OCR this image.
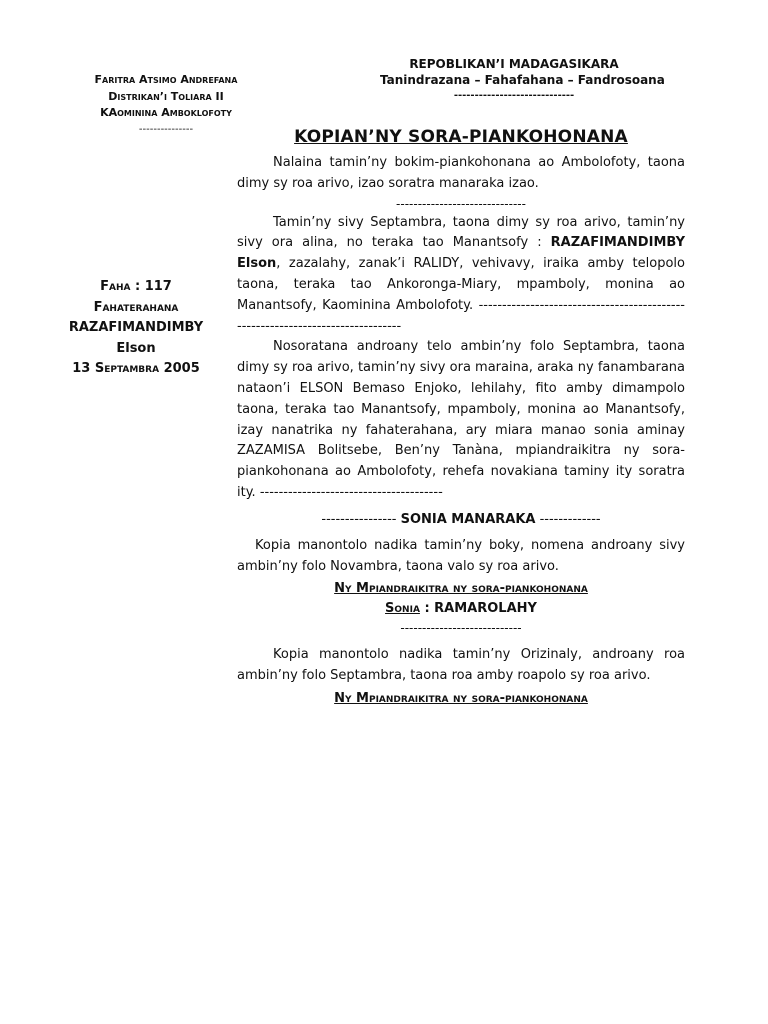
Faritra Atsimo Andrefana
Distrikan’i Toliara II
KAominina Amboklofoty
---------------
REPOBLIKAN’I MADAGASIKARA
Tanindrazana – Fahafahana – Fandrosoana
-----------------------------
KOPIAN’NY SORA-PIANKOHONANA
Faha : 117
Fahaterahana
RAZAFIMANDIMBY
Elson
13 Septambra 2005

Nalaina tamin’ny bokim-piankohonana ao Ambolofoty, taona dimy sy roa arivo, izao soratra manaraka izao.

------------------------------

Tamin’ny sivy Septambra, taona dimy sy roa arivo, tamin’ny sivy ora alina, no teraka tao Manantsofy : RAZAFIMANDIMBY Elson, zazalahy, zanak’i RALIDY, vehivavy, iraika amby telopolo taona, teraka tao Ankoronga-Miary, mpamboly, monina ao Manantsofy, Kaominina Ambolofoty. -------------------------------------------------------------------------------

Nosoratana androany telo ambin’ny folo Septambra, taona dimy sy roa arivo, tamin’ny sivy ora maraina, araka ny fanambarana nataon’i ELSON Bemaso Enjoko, lehilahy, fito amby dimampolo taona, teraka tao Manantsofy, mpamboly, monina ao Manantsofy, izay nanatrika ny fahaterahana, ary miara manao sonia aminay ZAZAMISA Bolitsebe, Ben’ny Tanàna, mpiandraikitra ny sora-piankohonana ao Ambolofoty, rehefa novakiana taminy ity soratra ity. ---------------------------------------

---------------- SONIA MANARAKA -------------

Kopia manontolo nadika tamin’ny boky, nomena androany sivy ambin’ny folo Novambra, taona valo sy roa arivo.

Ny Mpiandraikitra ny sora-piankohonana

Sonia : RAMAROLAHY

----------------------------

Kopia manontolo nadika tamin’ny Orizinaly, androany roa ambin’ny folo Septambra, taona roa amby roapolo sy roa arivo.

Ny Mpiandraikitra ny sora-piankohonana
